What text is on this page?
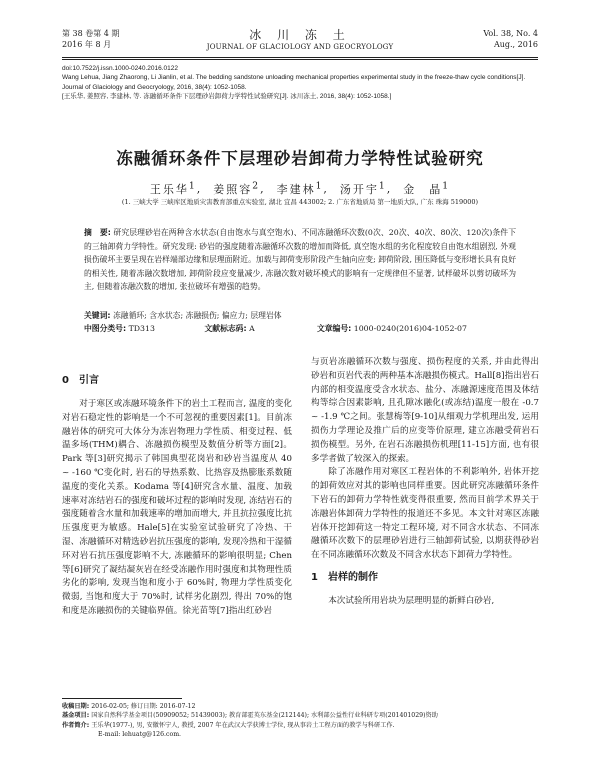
第 38 卷第 4 期
2016 年 8 月
冰 川 冻 土
JOURNAL OF GLACIOLOGY AND GEOCRYOLOGY
Vol. 38, No. 4
Aug., 2016
doi:10.7522/j.issn.1000-0240.2016.0122
Wang Lehua, Jiang Zhaorong, Li Jianlin, et al. The bedding sandstone unloading mechanical properties experimental study in the freeze-thaw cycle conditions[J]. Journal of Glaciology and Geocryology, 2016, 38(4): 1052-1058.
[王乐华, 姜照容, 李建林, 等. 冻融循环条件下层理砂岩卸荷力学特性试验研究[J]. 冰川冻土, 2016, 38(4): 1052-1058.]
冻融循环条件下层理砂岩卸荷力学特性试验研究
王乐华$^1$,  姜照容$^2$,  李建林$^1$,  汤开宇$^1$,  金　晶$^1$
(1. 三峡大学 三峡库区地质灾害教育部重点实验室, 湖北 宜昌 443002; 2. 广东省地质局 第一地质大队, 广东 珠海 519000)
摘　要: 研究层理砂岩在两种含水状态(自由饱水与真空饱水)、不同冻融循环次数(0次、20次、40次、80次、120次)条件下的三轴卸荷力学特性。研究发现: 砂岩的强度随着冻融循环次数的增加而降低, 真空饱水组的劣化程度较自由饱水组剧烈, 外观损伤破坏主要呈现在岩样端部边缘和层理面附近。加载与卸荷变形阶段产生轴向应变; 卸荷阶段, 围压降低与变形增长具有良好的相关性, 随着冻融次数增加, 卸荷阶段应变量减少, 冻融次数对破坏模式的影响有一定规律但不显著, 试样破坏以剪切破坏为主, 但随着冻融次数的增加, 张拉破坏有增强的趋势。
关键词: 冻融循环; 含水状态; 冻融损伤; 偏应力; 层理岩体
中图分类号: TD313	文献标志码: A	文章编号: 1000-0240(2016)04-1052-07
0 引言

对于寒区或冻融环境条件下的岩土工程而言, 温度的变化对岩石稳定性的影响是一个不可忽视的重要因素[1]。目前冻融岩体的研究可大体分为冻岩物理力学性质、相变过程、低温多场(THM)耦合、冻融损伤模型及数值分析等方面[2]。Park 等[3]研究揭示了韩国典型花岗岩和砂岩当温度从 40 ~ -160 ℃变化时, 岩石的导热系数、比热容及热膨胀系数随温度的变化关系。Kodama 等[4]研究含水量、温度、加载速率对冻结岩石的强度和破坏过程的影响时发现, 冻结岩石的强度随着含水量和加载速率的增加而增大, 并且抗拉强度比抗压强度更为敏感。Hale[5]在实验室试验研究了冷热、干湿、冻融循环对精选砂岩抗压强度的影响, 发现冷热和干湿循环对岩石抗压强度影响不大, 冻融循环的影响很明显; Chen 等[6]研究了凝结凝灰岩在经受冻融作用时强度和其物理性质劣化的影响, 发现当饱和度小于 60%时, 物理力学性质变化微弱, 当饱和度大于 70%时, 试样劣化剧烈, 得出 70%的饱和度是冻融损伤的关键临界值。徐光苗等[7]指出红砂岩

与页岩冻融循环次数与强度、损伤程度的关系, 并由此得出砂岩和页岩代表的两种基本冻融损伤模式。Hall[8]指出岩石内部的相变温度受含水状态、盐分、冻融源速度范围及体结构等综合因素影响, 且孔隙冰融化(或冻结)温度一般在 -0.7 ~ -1.9 ℃之间。张慧梅等[9-10]从细观力学机理出发, 运用损伤力学理论及推广后的应变等价原理, 建立冻融受荷岩石损伤模型。另外, 在岩石冻融损伤机理[11-15]方面, 也有很多学者做了较深入的探索。

除了冻融作用对寒区工程岩体的不利影响外, 岩体开挖的卸荷效应对其的影响也同样重要。因此研究冻融循环条件下岩石的卸荷力学特性就变得很重要, 然而目前学术界关于冻融岩体卸荷力学特性的报道还不多见。本文针对寒区冻融岩体开挖卸荷这一特定工程环境, 对不同含水状态、不同冻融循环次数下的层理砂岩进行三轴卸荷试验, 以期获得砂岩在不同冻融循环次数及不同含水状态下卸荷力学特性。

1 岩样的制作

本次试验所用岩块为层理明显的新鲜白砂岩,

收稿日期: 2016-02-05; 修订日期: 2016-07-12
基金项目: 国家自然科学基金项目(50909052; 51439003); 教育部霍英东基金(212144); 水利部公益性行业科研专项(201401029)资助
作者简介: 王乐华(1977-), 男, 安徽怀宁人, 教授, 2007 年在武汉大学获博士学位, 现从事岩土工程方面的教学与科研工作.
E-mail: lehuatg@126.com.
